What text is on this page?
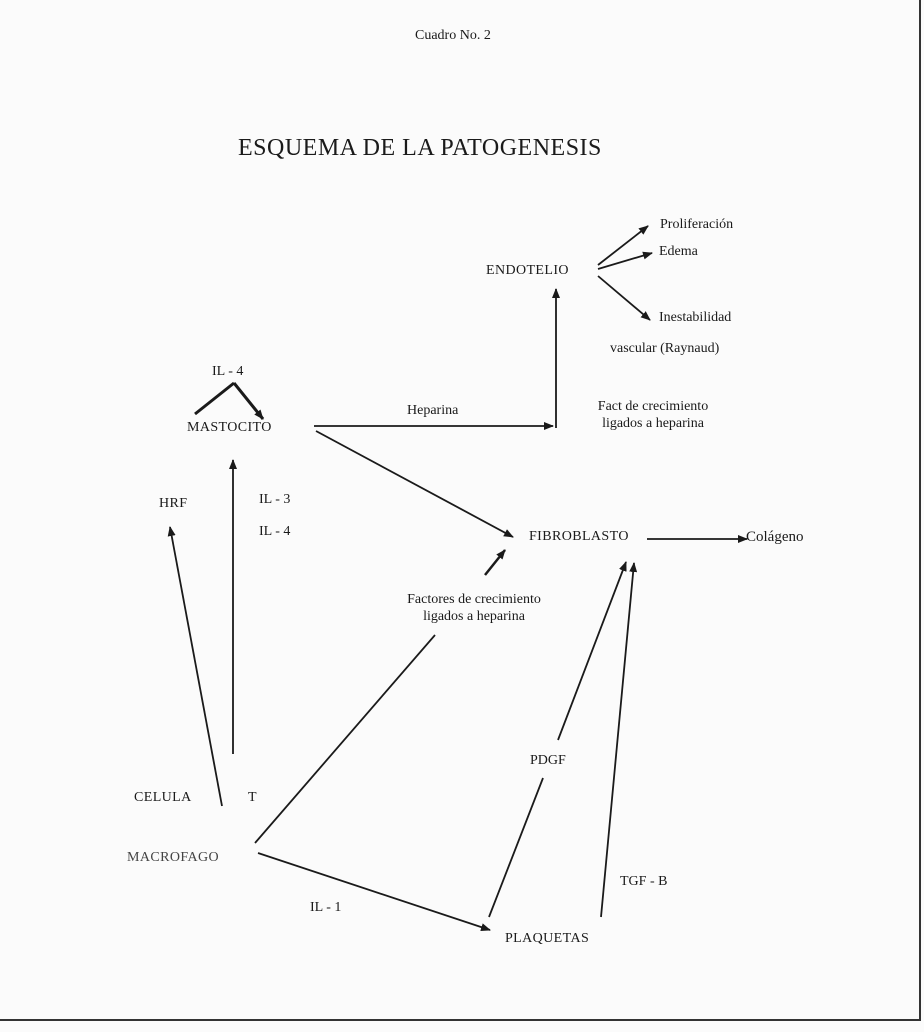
Cuadro No. 2
ESQUEMA DE LA PATOGENESIS
ENDOTELIO
Proliferación
Edema
Inestabilidad
vascular (Raynaud)
IL - 4
MASTOCITO
Heparina	Fact de crecimiento
ligados a heparina
HRF	IL - 3
IL - 4	FIBROBLASTO	Colágeno
Factores de crecimiento
ligados a heparina
PDGF
CELULA	T
MACROFAGO
TGF - B
IL - 1
PLAQUETAS
